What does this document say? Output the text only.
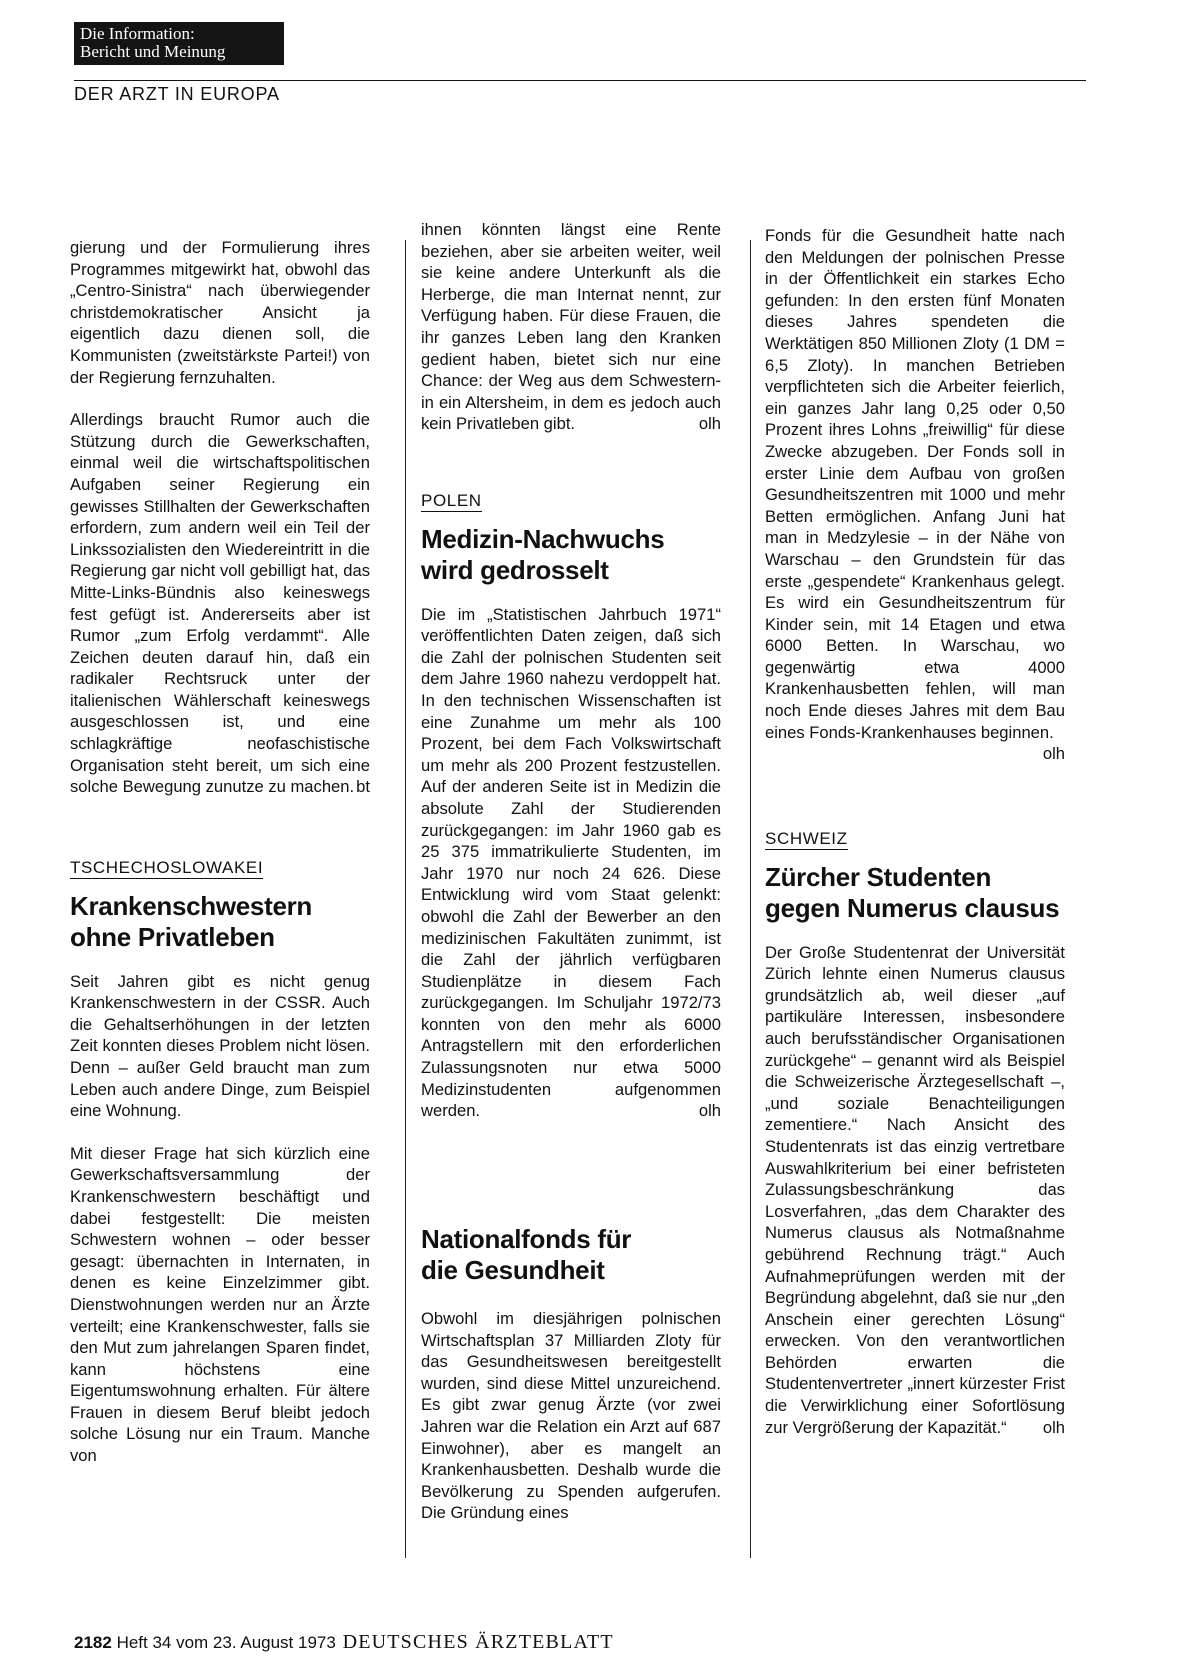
Die Information:
Bericht und Meinung
DER ARZT IN EUROPA

gierung und der Formulierung ihres Programmes mitgewirkt hat, obwohl das „Centro-Sinistra“ nach überwiegender christdemokratischer Ansicht ja eigentlich dazu dienen soll, die Kommunisten (zweitstärkste Partei!) von der Regierung fernzuhalten.

Allerdings braucht Rumor auch die Stützung durch die Gewerkschaften, einmal weil die wirtschaftspolitischen Aufgaben seiner Regierung ein gewisses Stillhalten der Gewerkschaften erfordern, zum andern weil ein Teil der Linkssozialisten den Wiedereintritt in die Regierung gar nicht voll gebilligt hat, das Mitte-Links-Bündnis also keineswegs fest gefügt ist. Andererseits aber ist Rumor „zum Erfolg verdammt“. Alle Zeichen deuten darauf hin, daß ein radikaler Rechtsruck unter der italienischen Wählerschaft keineswegs ausgeschlossen ist, und eine schlagkräftige neofaschistische Organisation steht bereit, um sich eine solche Bewegung zunutze zu machen. bt

TSCHECHOSLOWAKEI

Krankenschwestern
ohne Privatleben

Seit Jahren gibt es nicht genug Krankenschwestern in der CSSR. Auch die Gehaltserhöhungen in der letzten Zeit konnten dieses Problem nicht lösen. Denn – außer Geld braucht man zum Leben auch andere Dinge, zum Beispiel eine Wohnung.

Mit dieser Frage hat sich kürzlich eine Gewerkschaftsversammlung der Krankenschwestern beschäftigt und dabei festgestellt: Die meisten Schwestern wohnen – oder besser gesagt: übernachten in Internaten, in denen es keine Einzelzimmer gibt. Dienstwohnungen werden nur an Ärzte verteilt; eine Krankenschwester, falls sie den Mut zum jahrelangen Sparen findet, kann höchstens eine Eigentumswohnung erhalten. Für ältere Frauen in diesem Beruf bleibt jedoch solche Lösung nur ein Traum. Manche von

ihnen könnten längst eine Rente beziehen, aber sie arbeiten weiter, weil sie keine andere Unterkunft als die Herberge, die man Internat nennt, zur Verfügung haben. Für diese Frauen, die ihr ganzes Leben lang den Kranken gedient haben, bietet sich nur eine Chance: der Weg aus dem Schwestern- in ein Altersheim, in dem es jedoch auch kein Privatleben gibt.	olh

POLEN

Medizin-Nachwuchs
wird gedrosselt

Die im „Statistischen Jahrbuch 1971“ veröffentlichten Daten zeigen, daß sich die Zahl der polnischen Studenten seit dem Jahre 1960 nahezu verdoppelt hat. In den technischen Wissenschaften ist eine Zunahme um mehr als 100 Prozent, bei dem Fach Volkswirtschaft um mehr als 200 Prozent festzustellen. Auf der anderen Seite ist in Medizin die absolute Zahl der Studierenden zurückgegangen: im Jahr 1960 gab es 25 375 immatrikulierte Studenten, im Jahr 1970 nur noch 24 626. Diese Entwicklung wird vom Staat gelenkt: obwohl die Zahl der Bewerber an den medizinischen Fakultäten zunimmt, ist die Zahl der jährlich verfügbaren Studienplätze in diesem Fach zurückgegangen. Im Schuljahr 1972/73 konnten von den mehr als 6000 Antragstellern mit den erforderlichen Zulassungsnoten nur etwa 5000 Medizinstudenten aufgenommen werden.	olh

Nationalfonds für
die Gesundheit

Obwohl im diesjährigen polnischen Wirtschaftsplan 37 Milliarden Zloty für das Gesundheitswesen bereitgestellt wurden, sind diese Mittel unzureichend. Es gibt zwar genug Ärzte (vor zwei Jahren war die Relation ein Arzt auf 687 Einwohner), aber es mangelt an Krankenhausbetten. Deshalb wurde die Bevölkerung zu Spenden aufgerufen. Die Gründung eines

Fonds für die Gesundheit hatte nach den Meldungen der polnischen Presse in der Öffentlichkeit ein starkes Echo gefunden: In den ersten fünf Monaten dieses Jahres spendeten die Werktätigen 850 Millionen Zloty (1 DM = 6,5 Zloty). In manchen Betrieben verpflichteten sich die Arbeiter feierlich, ein ganzes Jahr lang 0,25 oder 0,50 Prozent ihres Lohns „freiwillig“ für diese Zwecke abzugeben. Der Fonds soll in erster Linie dem Aufbau von großen Gesundheitszentren mit 1000 und mehr Betten ermöglichen. Anfang Juni hat man in Medzylesie – in der Nähe von Warschau – den Grundstein für das erste „gespendete“ Krankenhaus gelegt. Es wird ein Gesundheitszentrum für Kinder sein, mit 14 Etagen und etwa 6000 Betten. In Warschau, wo gegenwärtig etwa 4000 Krankenhausbetten fehlen, will man noch Ende dieses Jahres mit dem Bau eines Fonds-Krankenhauses beginnen.
olh

SCHWEIZ

Zürcher Studenten
gegen Numerus clausus

Der Große Studentenrat der Universität Zürich lehnte einen Numerus clausus grundsätzlich ab, weil dieser „auf partikuläre Interessen, insbesondere auch berufsständischer Organisationen zurückgehe“ – genannt wird als Beispiel die Schweizerische Ärztegesellschaft –, „und soziale Benachteiligungen zementiere.“ Nach Ansicht des Studentenrats ist das einzig vertretbare Auswahlkriterium bei einer befristeten Zulassungsbeschränkung das Losverfahren, „das dem Charakter des Numerus clausus als Notmaßnahme gebührend Rechnung trägt.“ Auch Aufnahmeprüfungen werden mit der Begründung abgelehnt, daß sie nur „den Anschein einer gerechten Lösung“ erwecken. Von den verantwortlichen Behörden erwarten die Studentenvertreter „innert kürzester Frist die Verwirklichung einer Sofortlösung zur Vergrößerung der Kapazität.“ olh

2182 Heft 34 vom 23. August 1973 DEUTSCHES ÄRZTEBLATT
